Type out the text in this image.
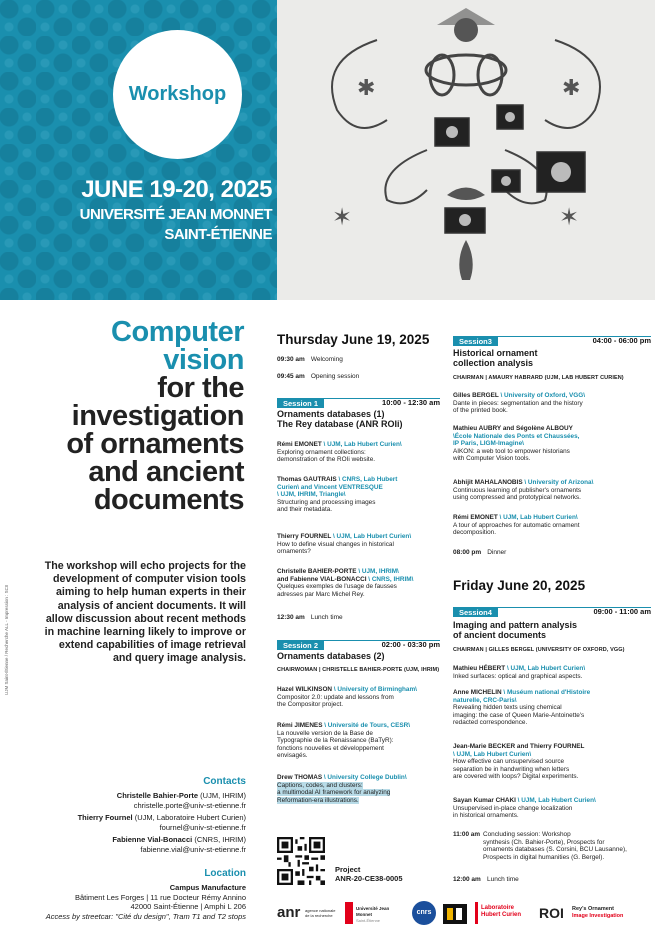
Workshop
JUNE 19-20, 2025
UNIVERSITÉ JEAN MONNET
SAINT-ÉTIENNE
✱	✱
✶	✶
Computer
vision
for the
investigation
of ornaments
and ancient
documents
The workshop will echo projects for the development of computer vision tools aiming to help human experts in their analysis of ancient documents. It will allow discussion about recent methods in machine learning likely to improve or extend capabilities of image retrieval and query image analysis.
UJM Saint-Étienne / Recherche ALL - Impression : SCII
Contacts
Christelle Bahier-Porte (UJM, IHRIM)
christelle.porte@univ-st-etienne.fr
Thierry Fournel (UJM, Laboratoire Hubert Curien)
fournel@univ-st-etienne.fr
Fabienne Vial-Bonacci (CNRS, IHRIM)
fabienne.vial@univ-st-etienne.fr
Location
Campus Manufacture
Bâtiment Les Forges | 11 rue Docteur Rémy Annino
42000 Saint-Étienne | Amphi L 206
Access by streetcar: "Cité du design", Tram T1 and T2 stops
Thursday June 19, 2025
09:30 am Welcoming
09:45 am Opening session
Session 1	10:00 - 12:30 am
Ornaments databases (1)
The Rey database (ANR ROIi)
Rémi EMONET \ UJM, Lab Hubert Curien\
Exploring ornament collections:
demonstration of the ROIi website.
Thomas GAUTRAIS \ CNRS, Lab Hubert
Curien\ and Vincent VENTRESQUE
\ UJM, IHRIM, Triangle\
Structuring and processing images
and their metadata.
Thierry FOURNEL \ UJM, Lab Hubert Curien\
How to define visual changes in historical
ornaments?
Christelle BAHIER-PORTE \ UJM, IHRIM\
and Fabienne VIAL-BONACCI \ CNRS, IHRIM\
Quelques exemples de l'usage de fausses
adresses par Marc Michel Rey.
12:30 am Lunch time
Session 2	02:00 - 03:30 pm
Ornaments databases (2)
CHAIRWOMAN | CHRISTELLE BAHIER-PORTE (UJM, IHRIM)
Hazel WILKINSON \ University of Birmingham\
Compositor 2.0: update and lessons from
the Compositor project.
Rémi JIMENES \ Université de Tours, CESR\
La nouvelle version de la Base de
Typographie de la Renaissance (BaTyR):
fonctions nouvelles et développement
envisagés.
Drew THOMAS \ University College Dublin\
Captions, codes, and clusters:
a multimodal AI framework for analyzing
Reformation-era illustrations.
Project
ANR-20-CE38-0005
Session3	04:00 - 06:00 pm
Historical ornament
collection analysis
CHAIRMAN | AMAURY HABRARD (UJM, LAB HUBERT CURIEN)
Gilles BERGEL \ University of Oxford, VGG\
Dante in pieces: segmentation and the history
of the printed book.
Mathieu AUBRY and Ségolène ALBOUY
\École Nationale des Ponts et Chaussées,
IP Paris, LIGM-Imagine\
AIKON: a web tool to empower historians
with Computer Vision tools.
Abhijit MAHALANOBIS \ University of Arizona\
Continuous learning of publisher's ornaments
using compressed and prototypical networks.
Rémi EMONET \ UJM, Lab Hubert Curien\
A tour of approaches for automatic ornament
decomposition.
08:00 pm Dinner
Friday June 20, 2025
Session4	09:00 - 11:00 am
Imaging and pattern analysis
of ancient documents
CHAIRMAN | GILLES BERGEL (UNIVERSITY OF OXFORD, VGG)
Mathieu HÉBERT \ UJM, Lab Hubert Curien\
Inked surfaces: optical and graphical aspects.
Anne MICHELIN \ Muséum national d'Histoire
naturelle, CRC-Paris\
Revealing hidden texts using chemical
imaging: the case of Queen Marie-Antoinette's
redacted correspondence.
Jean-Marie BECKER and Thierry FOURNEL
\ UJM, Lab Hubert Curien\
How effective can unsupervised source
separation be in handwriting when letters
are covered with loops? Digital experiments.
Sayan Kumar CHAKI \ UJM, Lab Hubert Curien\
Unsupervised in-place change localization
in historical ornaments.
11:00 am Concluding session: Workshop
synthesis (Ch. Bahier-Porte), Prospects for
ornaments databases (S. Corsini, BCU Lausanne),
Prospects in digital humanities (G. Bergel).
12:00 am Lunch time
anr agence nationale de la recherche
Université Jean Monnet
Saint-Étienne
cnrs
Laboratoire
Hubert Curien ROI Rey's Ornament
Image Investigation
